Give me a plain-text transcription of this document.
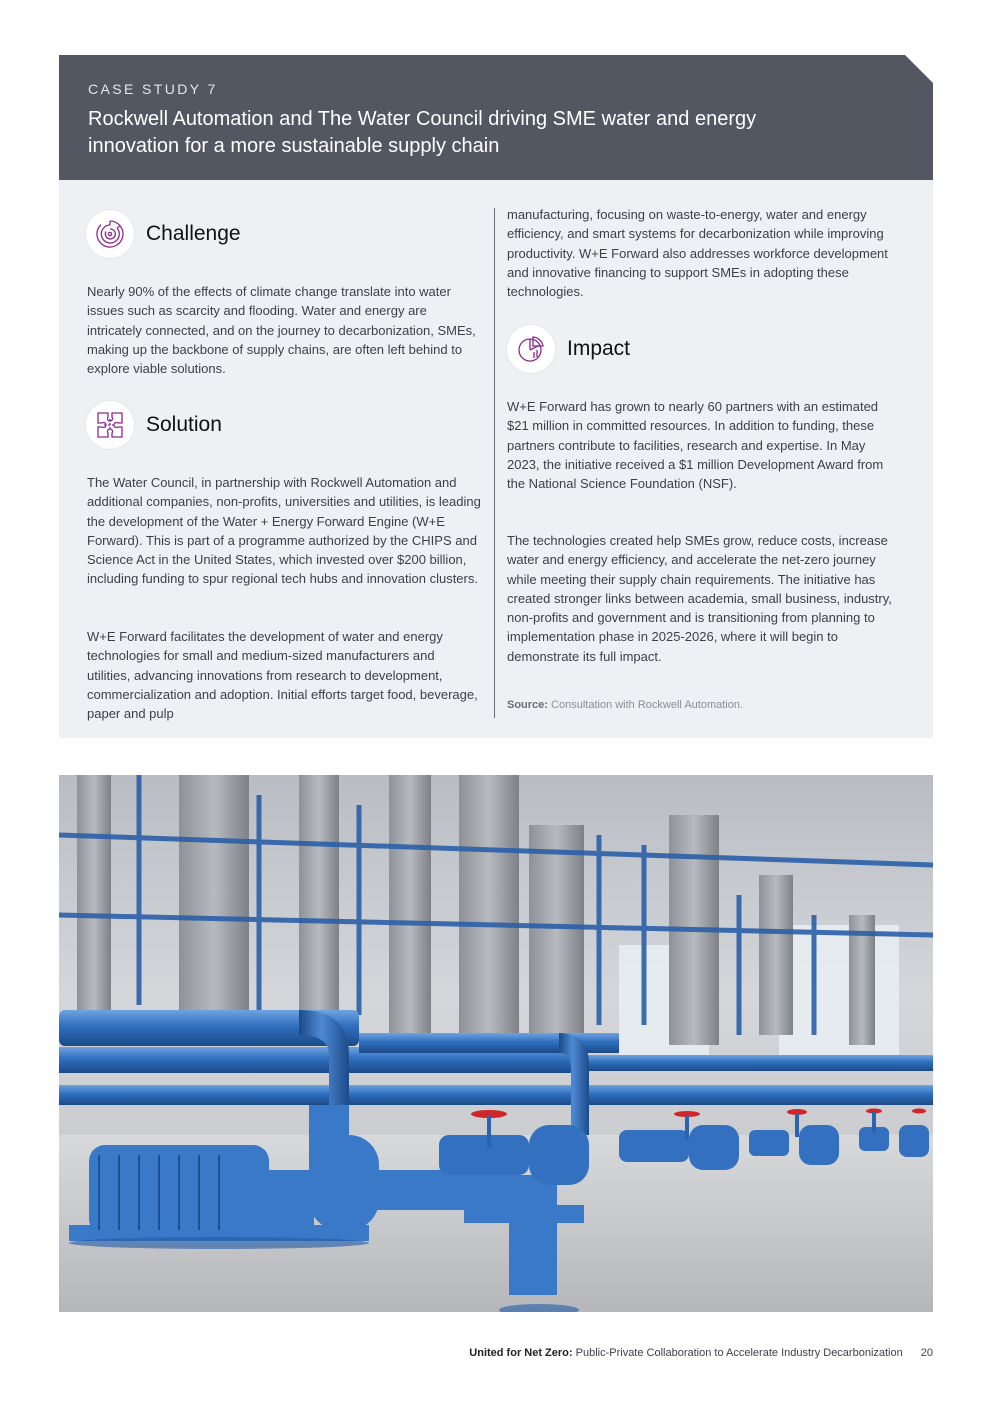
CASE STUDY 7
Rockwell Automation and The Water Council driving SME water and energy innovation for a more sustainable supply chain
Challenge

Nearly 90% of the effects of climate change translate into water issues such as scarcity and flooding. Water and energy are intricately connected, and on the journey to decarbonization, SMEs, making up the backbone of supply chains, are often left behind to explore viable solutions.

Solution

The Water Council, in partnership with Rockwell Automation and additional companies, non-profits, universities and utilities, is leading the development of the Water + Energy Forward Engine (W+E Forward). This is part of a programme authorized by the CHIPS and Science Act in the United States, which invested over $200 billion, including funding to spur regional tech hubs and innovation clusters.

W+E Forward facilitates the development of water and energy technologies for small and medium-sized manufacturers and utilities, advancing innovations from research to development, commercialization and adoption. Initial efforts target food, beverage, paper and pulp

manufacturing, focusing on waste-to-energy, water and energy efficiency, and smart systems for decarbonization while improving productivity. W+E Forward also addresses workforce development and innovative financing to support SMEs in adopting these technologies.

Impact

W+E Forward has grown to nearly 60 partners with an estimated $21 million in committed resources. In addition to funding, these partners contribute to facilities, research and expertise. In May 2023, the initiative received a $1 million Development Award from the National Science Foundation (NSF).

The technologies created help SMEs grow, reduce costs, increase water and energy efficiency, and accelerate the net-zero journey while meeting their supply chain requirements. The initiative has created stronger links between academia, small business, industry, non-profits and government and is transitioning from planning to implementation phase in 2025-2026, where it will begin to demonstrate its full impact.

Source: Consultation with Rockwell Automation.
United for Net Zero: Public-Private Collaboration to Accelerate Industry Decarbonization 20
